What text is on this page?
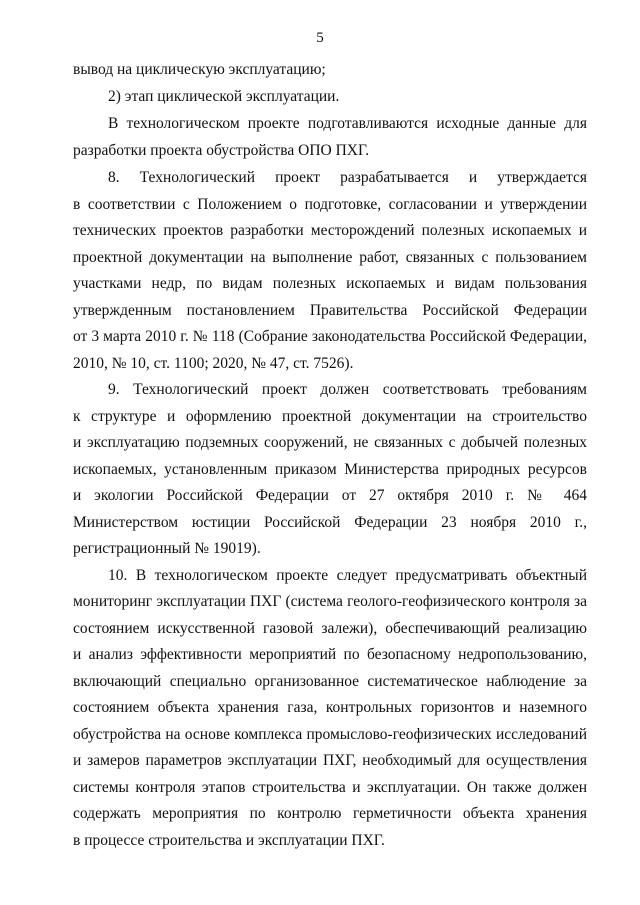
5
вывод на циклическую эксплуатацию;
2) этап циклической эксплуатации.
В технологическом проекте подготавливаются исходные данные для
разработки проекта обустройства ОПО ПХГ.
8. Технологический проект разрабатывается и утверждается
в соответствии с Положением о подготовке, согласовании и утверждении
технических проектов разработки месторождений полезных ископаемых и
проектной документации на выполнение работ, связанных с пользованием
участками недр, по видам полезных ископаемых и видам пользования
утвержденным постановлением Правительства Российской Федерации
от 3 марта 2010 г. № 118 (Собрание законодательства Российской Федерации,
2010, № 10, ст. 1100; 2020, № 47, ст. 7526).
9. Технологический проект должен соответствовать требованиям
к структуре и оформлению проектной документации на строительство
и эксплуатацию подземных сооружений, не связанных с добычей полезных
ископаемых, установленным приказом Министерства природных ресурсов
и экологии Российской Федерации от 27 октября 2010 г. № 464
Министерством юстиции Российской Федерации 23 ноября 2010 г.,
регистрационный № 19019).
10. В технологическом проекте следует предусматривать объектный
мониторинг эксплуатации ПХГ (система геолого-геофизического контроля за
состоянием искусственной газовой залежи), обеспечивающий реализацию
и анализ эффективности мероприятий по безопасному недропользованию,
включающий специально организованное систематическое наблюдение за
состоянием объекта хранения газа, контрольных горизонтов и наземного
обустройства на основе комплекса промыслово-геофизических исследований
и замеров параметров эксплуатации ПХГ, необходимый для осуществления
системы контроля этапов строительства и эксплуатации. Он также должен
содержать мероприятия по контролю герметичности объекта хранения
в процессе строительства и эксплуатации ПХГ.
